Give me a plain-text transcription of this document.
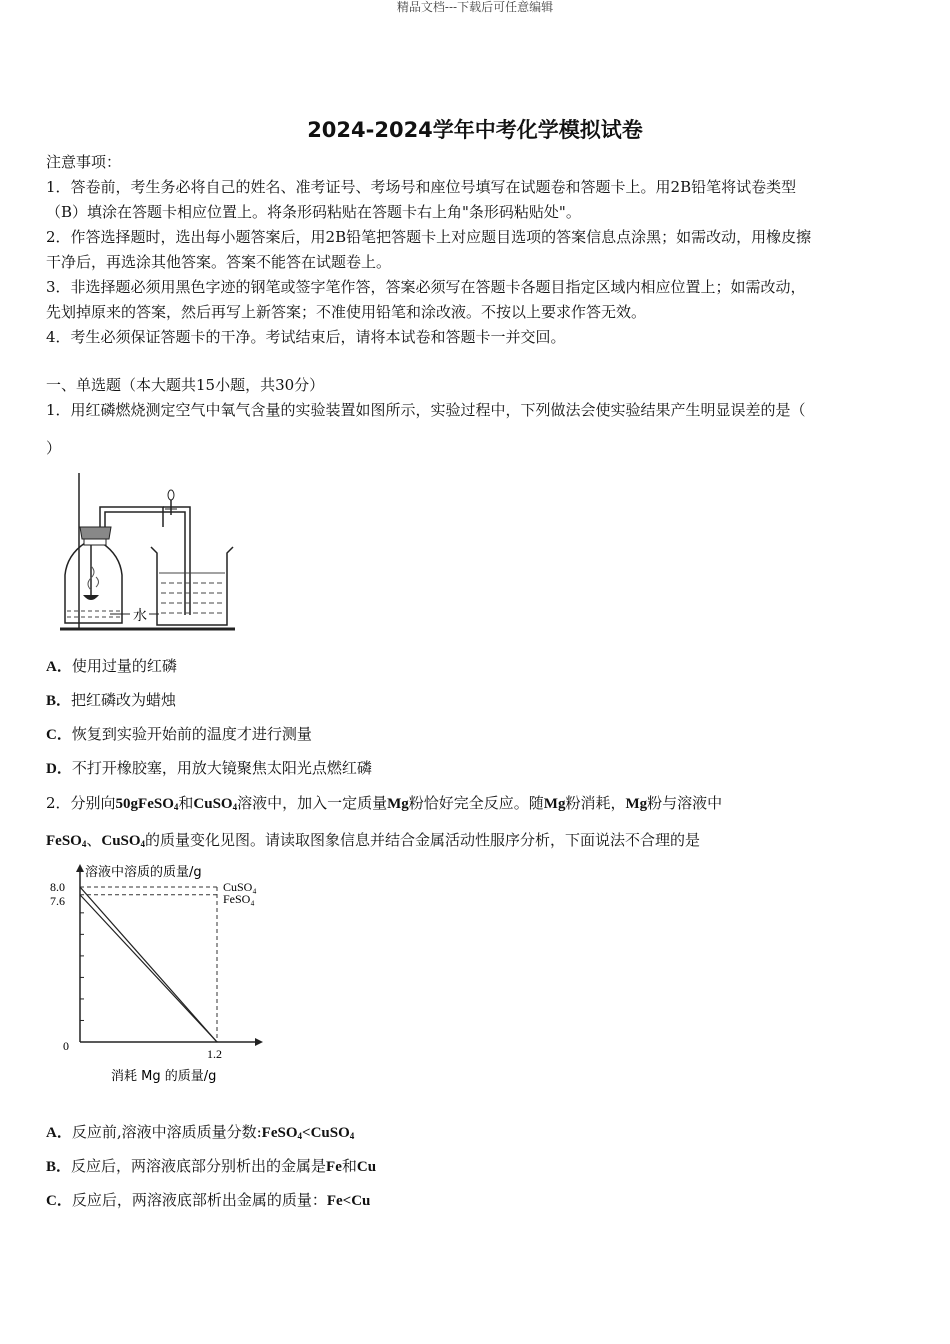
精品文档---下载后可任意编辑
2024-2024学年中考化学模拟试卷
注意事项：
1．答卷前，考生务必将自己的姓名、准考证号、考场号和座位号填写在试题卷和答题卡上。用2B铅笔将试卷类型
（B）填涂在答题卡相应位置上。将条形码粘贴在答题卡右上角"条形码粘贴处"。
2．作答选择题时，选出每小题答案后，用2B铅笔把答题卡上对应题目选项的答案信息点涂黑；如需改动，用橡皮擦
干净后，再选涂其他答案。答案不能答在试题卷上。
3．非选择题必须用黑色字迹的钢笔或签字笔作答，答案必须写在答题卡各题目指定区域内相应位置上；如需改动，
先划掉原来的答案，然后再写上新答案；不准使用铅笔和涂改液。不按以上要求作答无效。
4．考生必须保证答题卡的干净。考试结束后，请将本试卷和答题卡一并交回。
一、单选题（本大题共15小题，共30分）
1．用红磷燃烧测定空气中氧气含量的实验装置如图所示，实验过程中，下列做法会使实验结果产生明显误差的是（
）
水
A．使用过量的红磷
B．把红磷改为蜡烛
C．恢复到实验开始前的温度才进行测量
D．不打开橡胶塞，用放大镜聚焦太阳光点燃红磷
2．分别向50gFeSO$_4$和CuSO$_4$溶液中，加入一定质量Mg粉恰好完全反应。随Mg粉消耗，Mg粉与溶液中
FeSO$_4$、CuSO$_4$的质量变化见图。请读取图象信息并结合金属活动性服序分析，下面说法不合理的是
CuSO₄
FeSO₄
溶液中溶质的质量/g
消耗 Mg 的质量/g
8.0
7.6
0
1.2
A．反应前,溶液中溶质质量分数:FeSO$_4$<CuSO$_4$
B．反应后，两溶液底部分别析出的金属是Fe和Cu
C．反应后，两溶液底部析出金属的质量：Fe<Cu
